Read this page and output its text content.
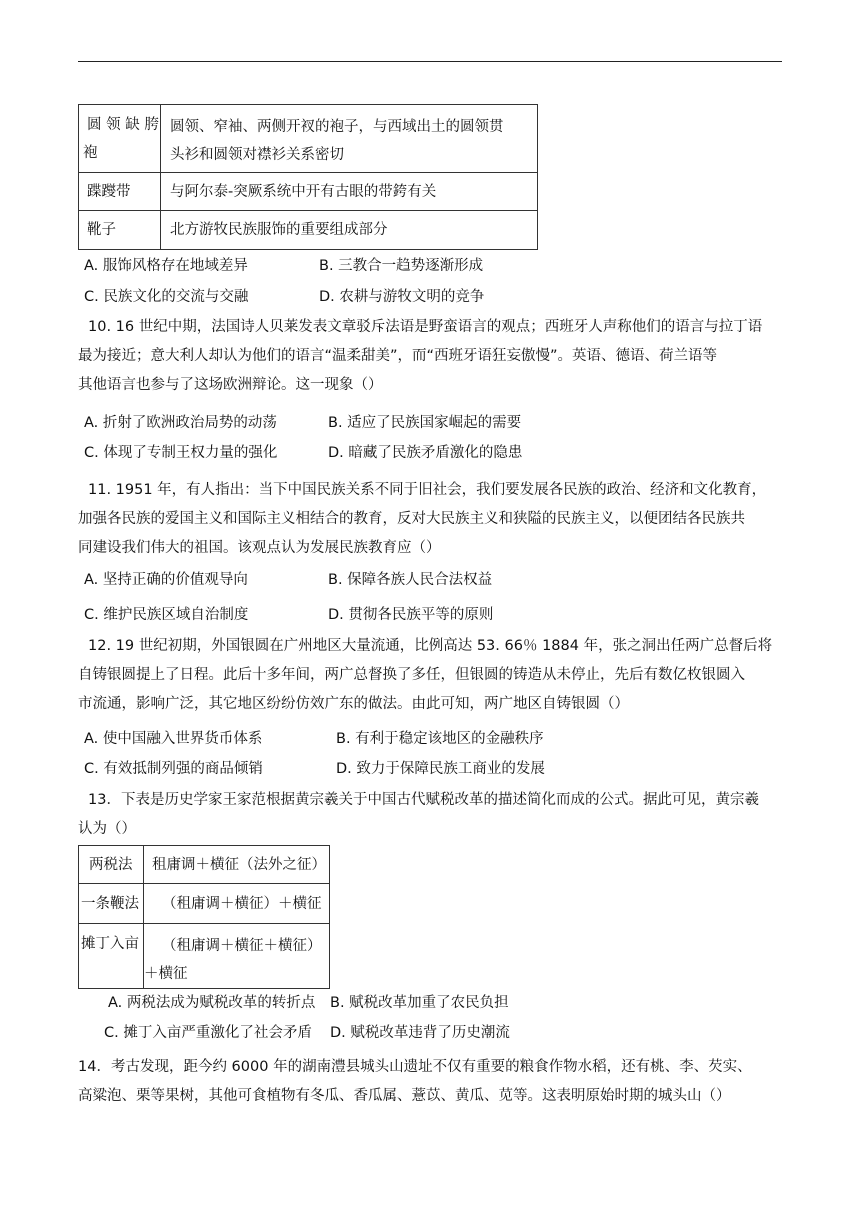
圆 领 缺 胯
袍	圆领、窄袖、两侧开衩的袍子，与西域出土的圆领贯
头衫和圆领对襟衫关系密切

蹀躞带	与阿尔泰-突厥系统中开有古眼的带銙有关

靴子	北方游牧民族服饰的重要组成部分
A. 服饰风格存在地域差异	B. 三教合一趋势逐渐形成
C. 民族文化的交流与交融	D. 农耕与游牧文明的竞争
10. 16 世纪中期，法国诗人贝莱发表文章驳斥法语是野蛮语言的观点；西班牙人声称他们的语言与拉丁语
最为接近；意大利人却认为他们的语言“温柔甜美”，而“西班牙语狂妄傲慢”。英语、德语、荷兰语等
其他语言也参与了这场欧洲辩论。这一现象（）
A. 折射了欧洲政治局势的动荡	B. 适应了民族国家崛起的需要
C. 体现了专制王权力量的强化	D. 暗藏了民族矛盾激化的隐患
11. 1951 年，有人指出：当下中国民族关系不同于旧社会，我们要发展各民族的政治、经济和文化教育，
加强各民族的爱国主义和国际主义相结合的教育，反对大民族主义和狭隘的民族主义，以便团结各民族共
同建设我们伟大的祖国。该观点认为发展民族教育应（）
A. 坚持正确的价值观导向	B. 保障各族人民合法权益
C. 维护民族区域自治制度	D. 贯彻各民族平等的原则
12. 19 世纪初期，外国银圆在广州地区大量流通，比例高达 53. 66％ 1884 年，张之洞出任两广总督后将
自铸银圆提上了日程。此后十多年间，两广总督换了多任，但银圆的铸造从未停止，先后有数亿枚银圆入
市流通，影响广泛，其它地区纷纷仿效广东的做法。由此可知，两广地区自铸银圆（）
A. 使中国融入世界货币体系	B. 有利于稳定该地区的金融秩序
C. 有效抵制列强的商品倾销	D. 致力于保障民族工商业的发展
13．下表是历史学家王家范根据黄宗羲关于中国古代赋税改革的描述简化而成的公式。据此可见，黄宗羲
认为（）
两税法	租庸调＋横征（法外之征）

一条鞭法	（租庸调＋横征）＋横征

摊丁入亩	（租庸调＋横征＋横征）
＋横征
A. 两税法成为赋税改革的转折点 B. 赋税改革加重了农民负担
C. 摊丁入亩严重激化了社会矛盾 D. 赋税改革违背了历史潮流
14．考古发现，距今约 6000 年的湖南澧县城头山遗址不仅有重要的粮食作物水稻，还有桃、李、芡实、
高粱泡、栗等果树，其他可食植物有冬瓜、香瓜属、薏苡、黄瓜、苋等。这表明原始时期的城头山（）
